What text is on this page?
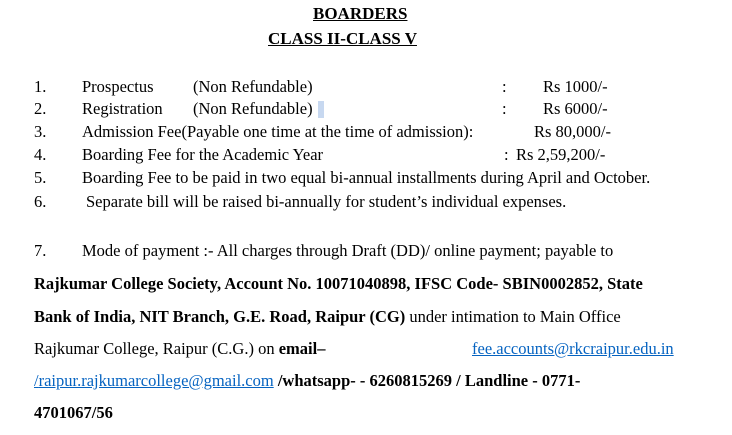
BOARDERS
CLASS II-CLASS V
1. Prospectus (Non Refundable)	: Rs 1000/-
2. Registration (Non Refundable)	: Rs 6000/-
3. Admission Fee(Payable one time at the time of admission):	Rs 80,000/-
4. Boarding Fee for the Academic Year	: Rs 2,59,200/-
5. Boarding Fee to be paid in two equal bi-annual installments during April and October.
6. Separate bill will be raised bi-annually for student’s individual expenses.
7. Mode of payment :- All charges through Draft (DD)/ online payment; payable to
Rajkumar College Society, Account No. 10071040898, IFSC Code- SBIN0002852, State
Bank of India, NIT Branch, G.E. Road, Raipur (CG) under intimation to Main Office
Rajkumar College, Raipur (C.G.) on email–	fee.accounts@rkcraipur.edu.in
/raipur.rajkumarcollege@gmail.com /whatsapp- - 6260815269 / Landline - 0771-
4701067/56
